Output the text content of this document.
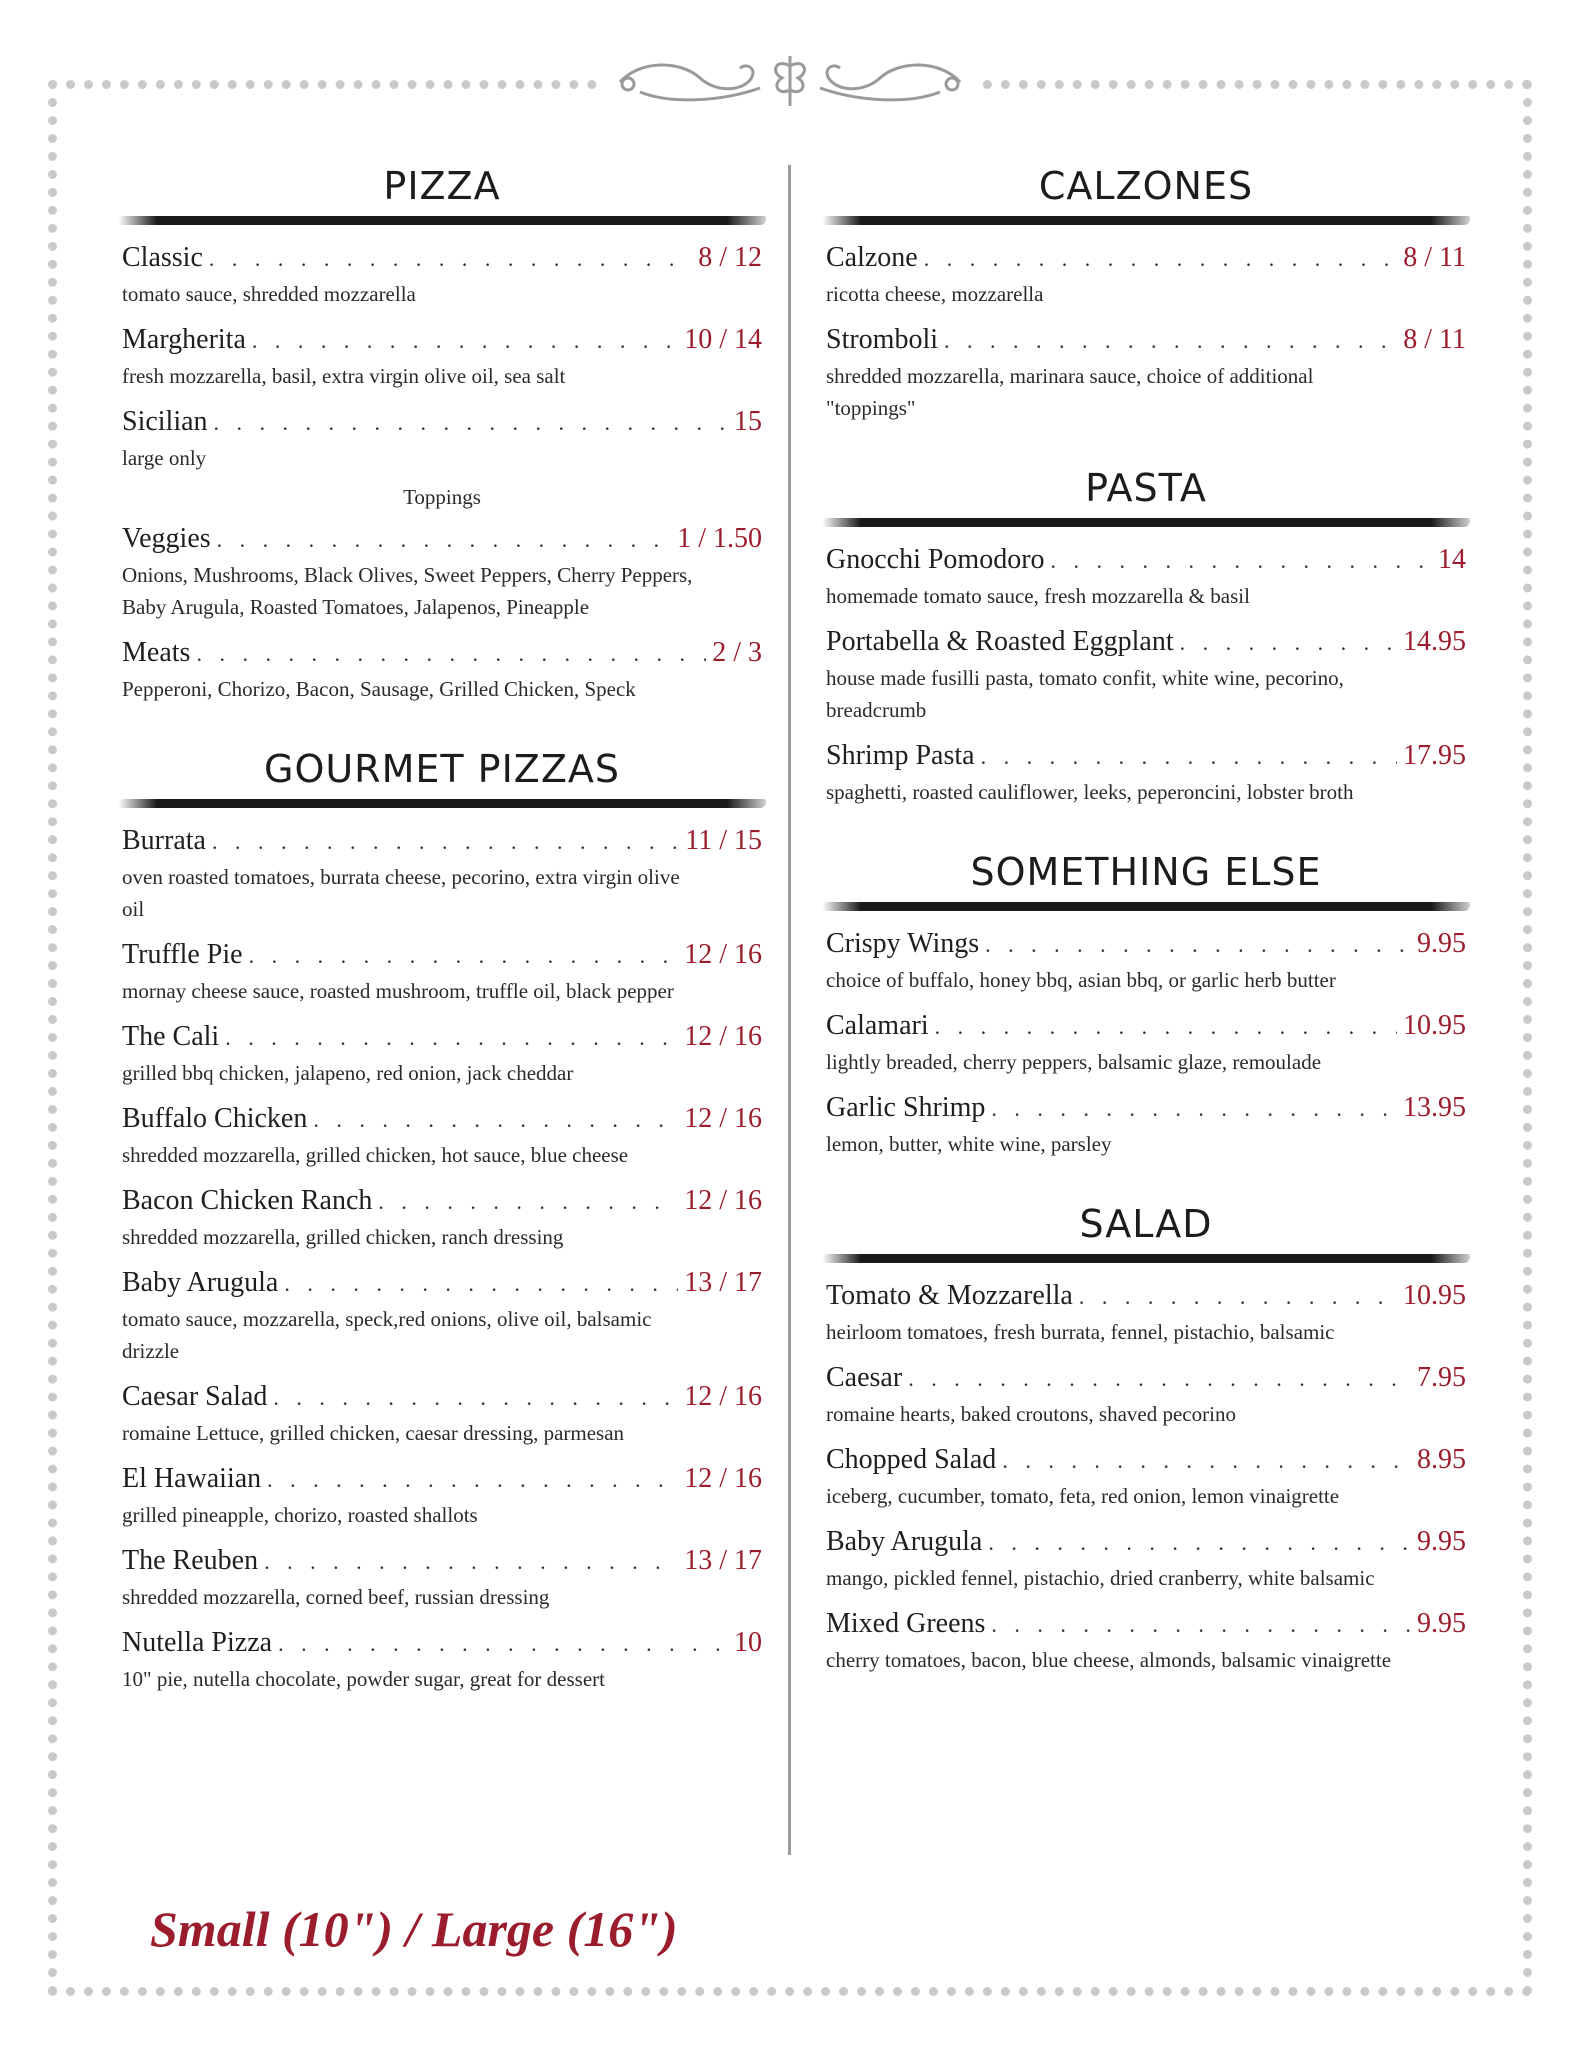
PIZZA
Classic . . .	8 / 12
tomato sauce, shredded mozzarella
Margherita . . .	10 / 14
fresh mozzarella, basil, extra virgin olive oil, sea salt
Sicilian . . .	15
large only
Toppings
Veggies . . .	1 / 1.50
Onions, Mushrooms, Black Olives, Sweet Peppers, Cherry Peppers, Baby Arugula, Roasted Tomatoes, Jalapenos, Pineapple
Meats . . .	2 / 3
Pepperoni, Chorizo, Bacon, Sausage, Grilled Chicken, Speck
GOURMET PIZZAS
Burrata . . .	11 / 15
oven roasted tomatoes, burrata cheese, pecorino, extra virgin olive oil
Truffle Pie . . .	12 / 16
mornay cheese sauce, roasted mushroom, truffle oil, black pepper
The Cali . . .	12 / 16
grilled bbq chicken, jalapeno, red onion, jack cheddar
Buffalo Chicken . . .	12 / 16
shredded mozzarella, grilled chicken, hot sauce, blue cheese
Bacon Chicken Ranch . . .	12 / 16
shredded mozzarella, grilled chicken, ranch dressing
Baby Arugula . . .	13 / 17
tomato sauce, mozzarella, speck,red onions, olive oil, balsamic drizzle
Caesar Salad . . .	12 / 16
romaine Lettuce, grilled chicken, caesar dressing, parmesan
El Hawaiian . . .	12 / 16
grilled pineapple, chorizo, roasted shallots
The Reuben . . .	13 / 17
shredded mozzarella, corned beef, russian dressing
Nutella Pizza . . .	10
10" pie, nutella chocolate, powder sugar, great for dessert
CALZONES
Calzone . . .	8 / 11
ricotta cheese, mozzarella
Stromboli . . .	8 / 11
shredded mozzarella, marinara sauce, choice of additional "toppings"
PASTA
Gnocchi Pomodoro . . .	14
homemade tomato sauce, fresh mozzarella & basil
Portabella & Roasted Eggplant . . .	14.95
house made fusilli pasta, tomato confit, white wine, pecorino, breadcrumb
Shrimp Pasta . . .	17.95
spaghetti, roasted cauliflower, leeks, peperoncini, lobster broth
SOMETHING ELSE
Crispy Wings . . .	9.95
choice of buffalo, honey bbq, asian bbq, or garlic herb butter
Calamari . . .	10.95
lightly breaded, cherry peppers, balsamic glaze, remoulade
Garlic Shrimp . . .	13.95
lemon, butter, white wine, parsley
SALAD
Tomato & Mozzarella . . .	10.95
heirloom tomatoes, fresh burrata, fennel, pistachio, balsamic
Caesar . . .	7.95
romaine hearts, baked croutons, shaved pecorino
Chopped Salad . . .	8.95
iceberg, cucumber, tomato, feta, red onion, lemon vinaigrette
Baby Arugula . . .	9.95
mango, pickled fennel, pistachio, dried cranberry, white balsamic
Mixed Greens . . .	9.95
cherry tomatoes, bacon, blue cheese, almonds, balsamic vinaigrette
Small (10") / Large (16")
